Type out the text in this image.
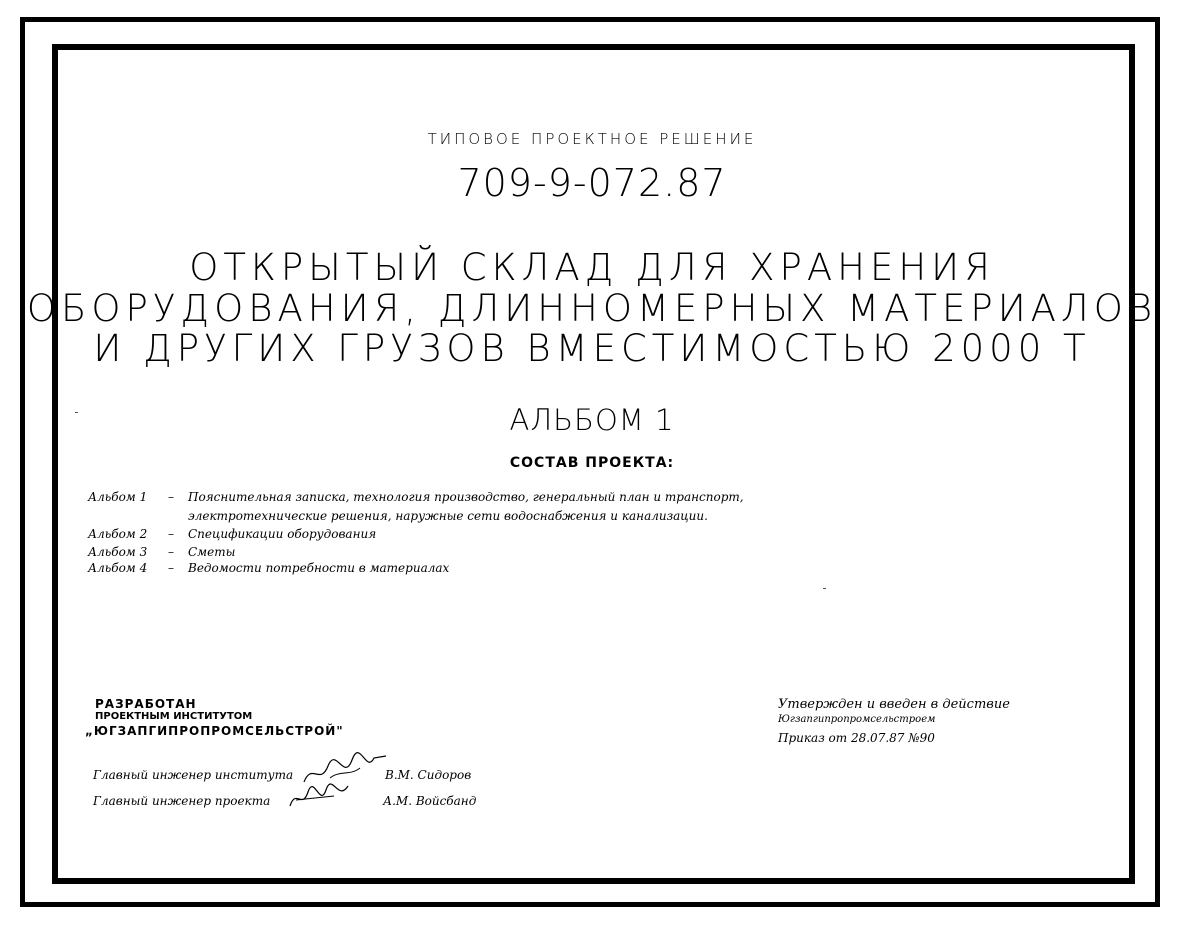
ТИПОВОЕ ПРОЕКТНОЕ РЕШЕНИЕ
709-9-072.87
ОТКРЫТЫЙ СКЛАД ДЛЯ ХРАНЕНИЯ
ОБОРУДОВАНИЯ, ДЛИННОМЕРНЫХ МАТЕРИАЛОВ
И ДРУГИХ ГРУЗОВ ВМЕСТИМОСТЬЮ 2000 Т
АЛЬБОМ 1
СОСТАВ ПРОЕКТА:
Альбом 1 – Пояснительная записка, технология производство, генеральный план и транспорт,
электротехнические решения, наружные сети водоснабжения и канализации.
Альбом 2 – Спецификации оборудования
Альбом 3 – Сметы
Альбом 4 – Ведомости потребности в материалах
РАЗРАБОТАН
ПРОЕКТНЫМ ИНСТИТУТОМ
„ЮГЗАПГИПРОПРОМСЕЛЬСТРОЙ"
Главный инженер института	В.М. Сидоров
Главный инженер проекта	А.М. Войсбанд
Утвержден и введен в действие
Югзапгипропромсельстроем
Приказ от 28.07.87 №90
